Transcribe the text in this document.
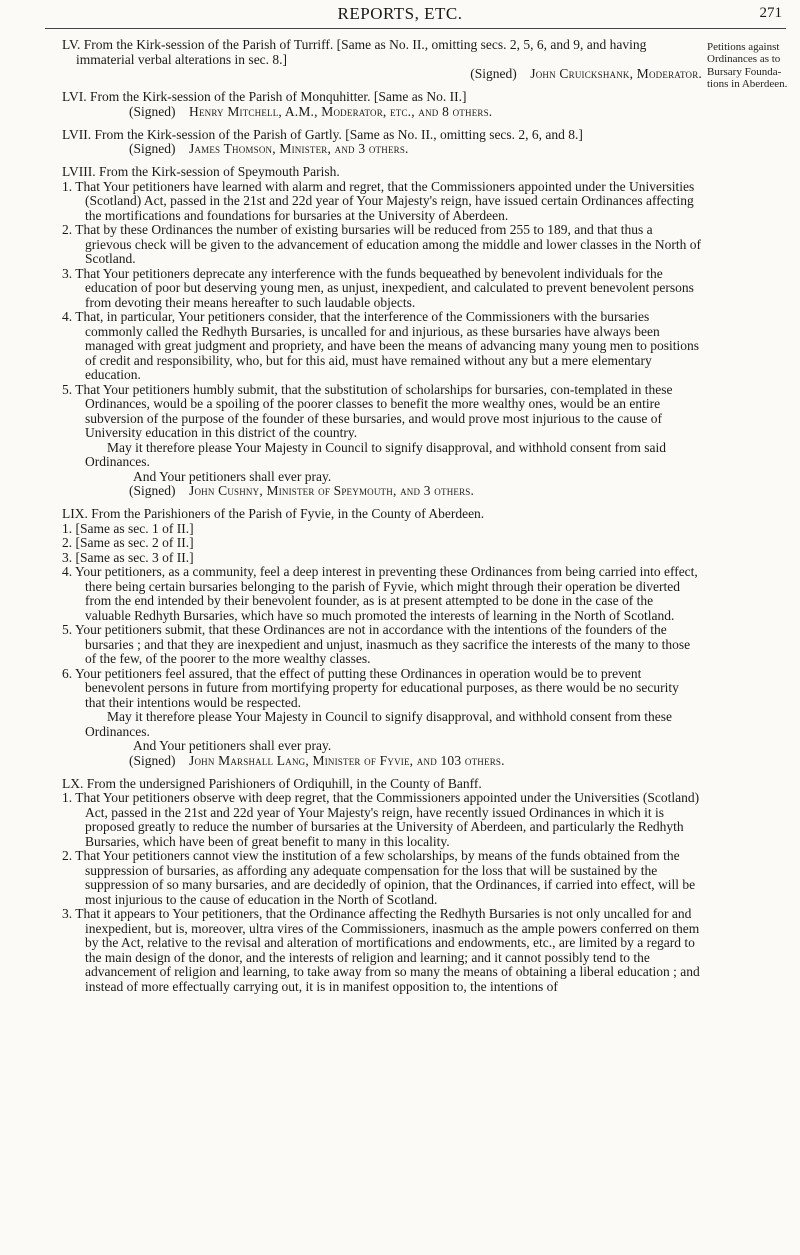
REPORTS, ETC.	271
Petitions against Ordinances as to Bursary Founda-tions in Aberdeen.

LV. From the Kirk-session of the Parish of Turriff. [Same as No. II., omitting secs. 2, 5, 6, and 9, and having immaterial verbal alterations in sec. 8.]

(Signed) John Cruickshank, Moderator.

LVI. From the Kirk-session of the Parish of Monquhitter. [Same as No. II.]

(Signed) Henry Mitchell, A.M., Moderator, etc., and 8 others.

LVII. From the Kirk-session of the Parish of Gartly. [Same as No. II., omitting secs. 2, 6, and 8.]

(Signed) James Thomson, Minister, and 3 others.

LVIII. From the Kirk-session of Speymouth Parish.

1. That Your petitioners have learned with alarm and regret, that the Commissioners appointed under the Universities (Scotland) Act, passed in the 21st and 22d year of Your Majesty's reign, have issued certain Ordinances affecting the mortifications and foundations for bursaries at the University of Aberdeen.

2. That by these Ordinances the number of existing bursaries will be reduced from 255 to 189, and that thus a grievous check will be given to the advancement of education among the middle and lower classes in the North of Scotland.

3. That Your petitioners deprecate any interference with the funds bequeathed by benevolent individuals for the education of poor but deserving young men, as unjust, inexpedient, and calculated to prevent benevolent persons from devoting their means hereafter to such laudable objects.

4. That, in particular, Your petitioners consider, that the interference of the Commissioners with the bursaries commonly called the Redhyth Bursaries, is uncalled for and injurious, as these bursaries have always been managed with great judgment and propriety, and have been the means of advancing many young men to positions of credit and responsibility, who, but for this aid, must have remained without any but a mere elementary education.

5. That Your petitioners humbly submit, that the substitution of scholarships for bursaries, con-templated in these Ordinances, would be a spoiling of the poorer classes to benefit the more wealthy ones, would be an entire subversion of the purpose of the founder of these bursaries, and would prove most injurious to the cause of University education in this district of the country.

May it therefore please Your Majesty in Council to signify disapproval, and withhold consent from said Ordinances.

And Your petitioners shall ever pray.

(Signed) John Cushny, Minister of Speymouth, and 3 others.

LIX. From the Parishioners of the Parish of Fyvie, in the County of Aberdeen.

1. [Same as sec. 1 of II.]

2. [Same as sec. 2 of II.]

3. [Same as sec. 3 of II.]

4. Your petitioners, as a community, feel a deep interest in preventing these Ordinances from being carried into effect, there being certain bursaries belonging to the parish of Fyvie, which might through their operation be diverted from the end intended by their benevolent founder, as is at present attempted to be done in the case of the valuable Redhyth Bursaries, which have so much promoted the interests of learning in the North of Scotland.

5. Your petitioners submit, that these Ordinances are not in accordance with the intentions of the founders of the bursaries ; and that they are inexpedient and unjust, inasmuch as they sacrifice the interests of the many to those of the few, of the poorer to the more wealthy classes.

6. Your petitioners feel assured, that the effect of putting these Ordinances in operation would be to prevent benevolent persons in future from mortifying property for educational purposes, as there would be no security that their intentions would be respected.

May it therefore please Your Majesty in Council to signify disapproval, and withhold consent from these Ordinances.

And Your petitioners shall ever pray.

(Signed) John Marshall Lang, Minister of Fyvie, and 103 others.

LX. From the undersigned Parishioners of Ordiquhill, in the County of Banff.

1. That Your petitioners observe with deep regret, that the Commissioners appointed under the Universities (Scotland) Act, passed in the 21st and 22d year of Your Majesty's reign, have recently issued Ordinances in which it is proposed greatly to reduce the number of bursaries at the University of Aberdeen, and particularly the Redhyth Bursaries, which have been of great benefit to many in this locality.

2. That Your petitioners cannot view the institution of a few scholarships, by means of the funds obtained from the suppression of bursaries, as affording any adequate compensation for the loss that will be sustained by the suppression of so many bursaries, and are decidedly of opinion, that the Ordinances, if carried into effect, will be most injurious to the cause of education in the North of Scotland.

3. That it appears to Your petitioners, that the Ordinance affecting the Redhyth Bursaries is not only uncalled for and inexpedient, but is, moreover, ultra vires of the Commissioners, inasmuch as the ample powers conferred on them by the Act, relative to the revisal and alteration of mortifications and endowments, etc., are limited by a regard to the main design of the donor, and the interests of religion and learning; and it cannot possibly tend to the advancement of religion and learning, to take away from so many the means of obtaining a liberal education ; and instead of more effectually carrying out, it is in manifest opposition to, the intentions of
